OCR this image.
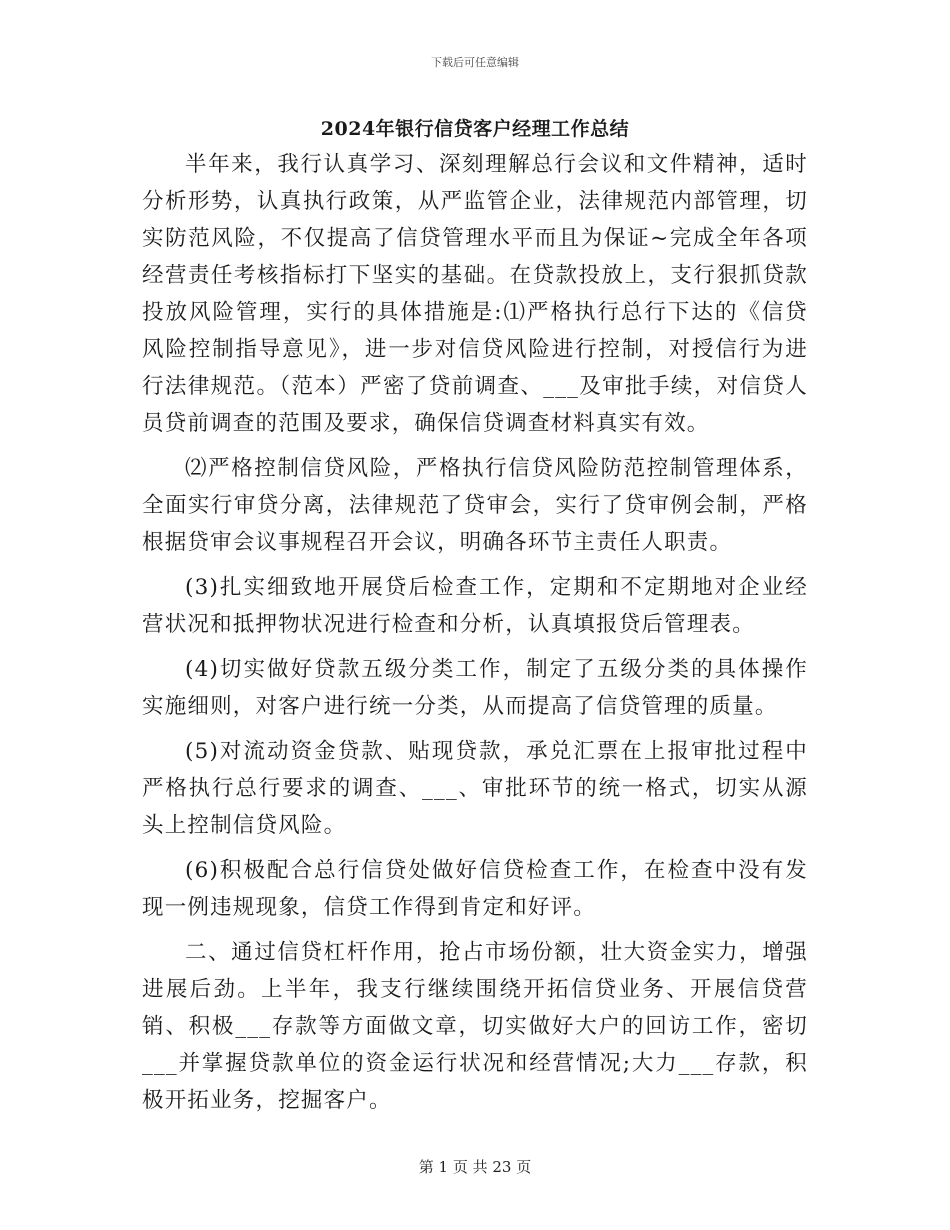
下载后可任意编辑
2024年银行信贷客户经理工作总结

半年来，我行认真学习、深刻理解总行会议和文件精神，适时分析形势，认真执行政策，从严监管企业，法律规范内部管理，切实防范风险，不仅提高了信贷管理水平而且为保证~完成全年各项经营责任考核指标打下坚实的基础。在贷款投放上，支行狠抓贷款投放风险管理，实行的具体措施是:⑴严格执行总行下达的《信贷风险控制指导意见》，进一步对信贷风险进行控制，对授信行为进行法律规范。（范本）严密了贷前调查、___及审批手续，对信贷人员贷前调查的范围及要求，确保信贷调查材料真实有效。

⑵严格控制信贷风险，严格执行信贷风险防范控制管理体系，全面实行审贷分离，法律规范了贷审会，实行了贷审例会制，严格根据贷审会议事规程召开会议，明确各环节主责任人职责。

(3)扎实细致地开展贷后检查工作，定期和不定期地对企业经营状况和抵押物状况进行检查和分析，认真填报贷后管理表。

(4)切实做好贷款五级分类工作，制定了五级分类的具体操作实施细则，对客户进行统一分类，从而提高了信贷管理的质量。

(5)对流动资金贷款、贴现贷款，承兑汇票在上报审批过程中严格执行总行要求的调查、___、审批环节的统一格式，切实从源头上控制信贷风险。

(6)积极配合总行信贷处做好信贷检查工作，在检查中没有发现一例违规现象，信贷工作得到肯定和好评。

二、通过信贷杠杆作用，抢占市场份额，壮大资金实力，增强进展后劲。上半年，我支行继续围绕开拓信贷业务、开展信贷营销、积极___存款等方面做文章，切实做好大户的回访工作，密切___并掌握贷款单位的资金运行状况和经营情况;大力___存款，积极开拓业务，挖掘客户。

第 1 页 共 23 页
